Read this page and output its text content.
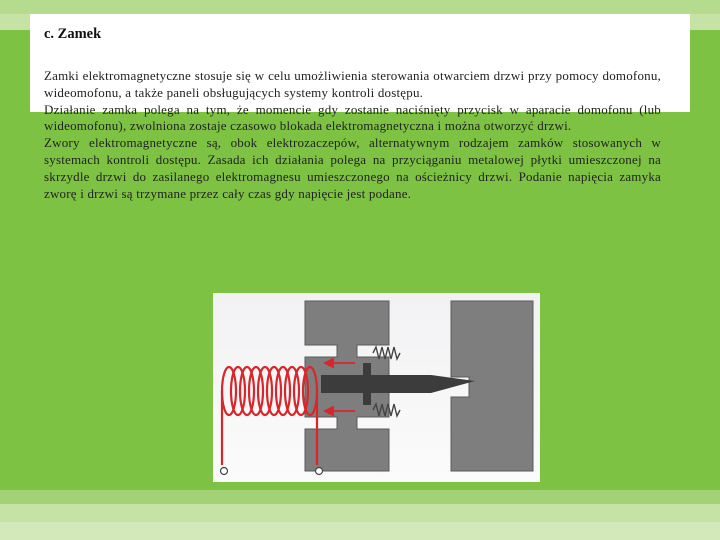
c. Zamek

Zamki elektromagnetyczne stosuje się w celu umożliwienia sterowania otwarciem drzwi przy pomocy domofonu, wideomofonu, a także paneli obsługujących systemy kontroli dostępu.

Działanie zamka polega na tym, że momencie gdy zostanie naciśnięty przycisk w aparacie domofonu (lub wideomofonu), zwolniona zostaje czasowo blokada elektromagnetyczna i można otworzyć drzwi.

Zwory elektromagnetyczne są, obok elektrozaczepów, alternatywnym rodzajem zamków stosowanych w systemach kontroli dostępu. Zasada ich działania polega na przyciąganiu metalowej płytki umieszczonej na skrzydle drzwi do zasilanego elektromagnesu umieszczonego na ościeżnicy drzwi. Podanie napięcia zamyka zworę i drzwi są trzymane przez cały czas gdy napięcie jest podane.
